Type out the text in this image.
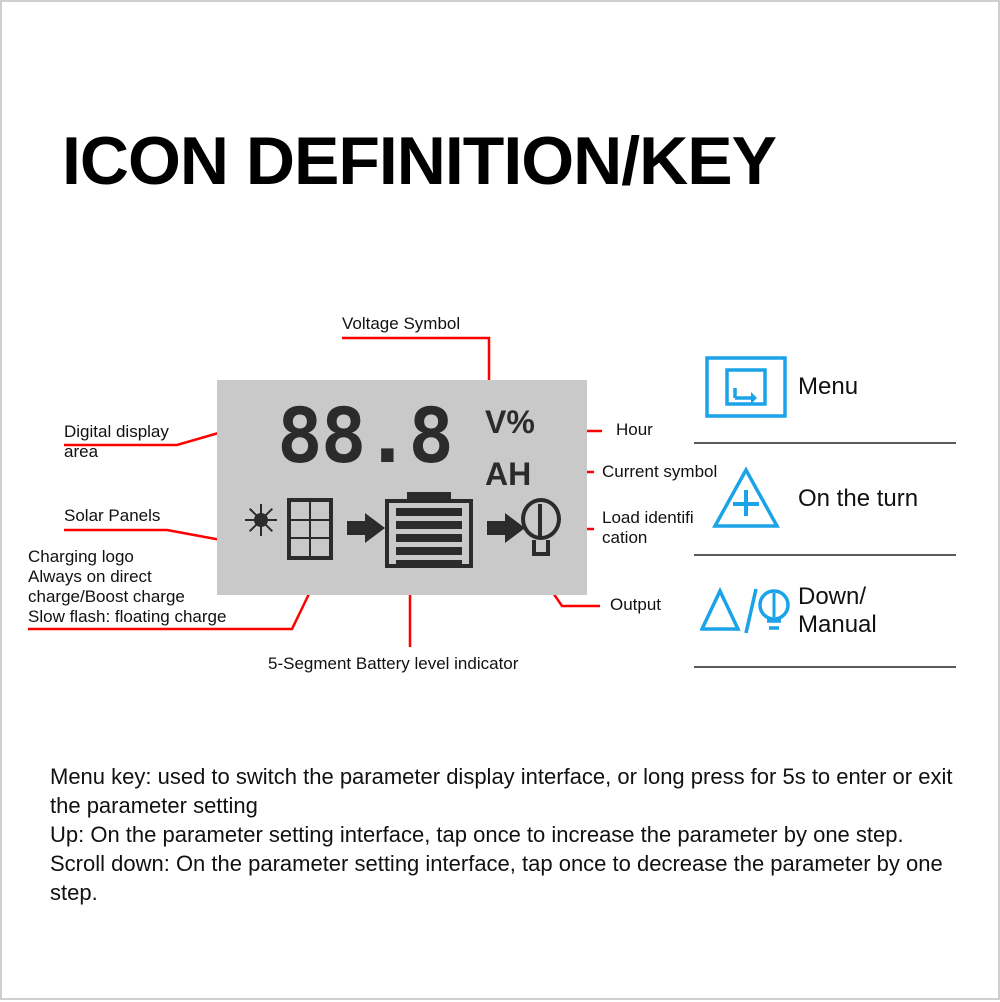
ICON DEFINITION/KEY
88.8 V%
AH
Voltage Symbol
Digital display
area
Solar Panels
Charging logo
Always on direct
charge/Boost charge
Slow flash: floating charge
5-Segment Battery level indicator
Hour
Current symbol
Load identifi
cation
Output
Menu
On the turn
Down/
Manual
Menu key: used to switch the parameter display interface, or long press for 5s to enter or exit the parameter setting
Up: On the parameter setting interface, tap once to increase the parameter by one step.
Scroll down: On the parameter setting interface, tap once to decrease the parameter by one step.
